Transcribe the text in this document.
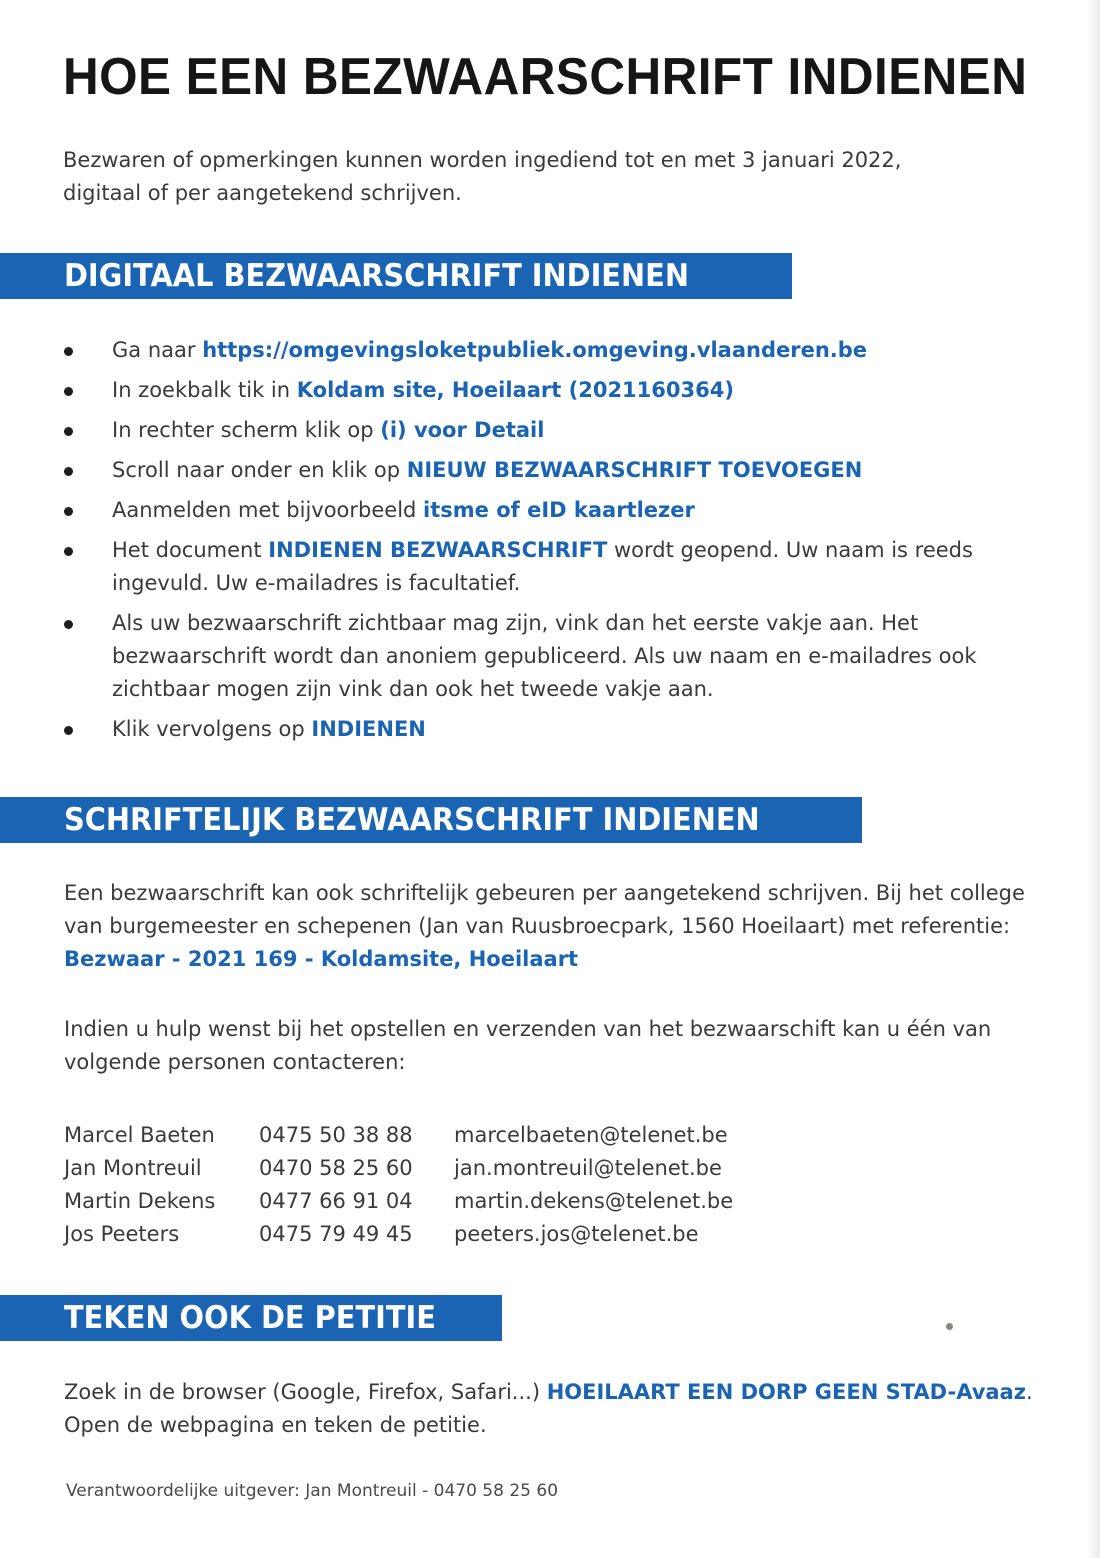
HOE EEN BEZWAARSCHRIFT INDIENEN
Bezwaren of opmerkingen kunnen worden ingediend tot en met 3 januari 2022,
digitaal of per aangetekend schrijven.
DIGITAAL BEZWAARSCHRIFT INDIENEN
Ga naar https://omgevingsloketpubliek.omgeving.vlaanderen.be
In zoekbalk tik in Koldam site, Hoeilaart (2021160364)
In rechter scherm klik op (i) voor Detail
Scroll naar onder en klik op NIEUW BEZWAARSCHRIFT TOEVOEGEN
Aanmelden met bijvoorbeeld itsme of eID kaartlezer
Het document INDIENEN BEZWAARSCHRIFT wordt geopend. Uw naam is reeds ingevuld. Uw e-mailadres is facultatief.
Als uw bezwaarschrift zichtbaar mag zijn, vink dan het eerste vakje aan. Het bezwaarschrift wordt dan anoniem gepubliceerd. Als uw naam en e-mailadres ook zichtbaar mogen zijn vink dan ook het tweede vakje aan.
Klik vervolgens op INDIENEN
SCHRIFTELIJK BEZWAARSCHRIFT INDIENEN

Een bezwaarschrift kan ook schriftelijk gebeuren per aangetekend schrijven. Bij het college van burgemeester en schepenen (Jan van Ruusbroecpark, 1560 Hoeilaart) met referentie: Bezwaar - 2021 169 - Koldamsite, Hoeilaart

Indien u hulp wenst bij het opstellen en verzenden van het bezwaarschift kan u één van volgende personen contacteren:

Marcel Baeten	0475 50 38 88	marcelbaeten@telenet.be
Jan Montreuil	0470 58 25 60	jan.montreuil@telenet.be
Martin Dekens	0477 66 91 04	martin.dekens@telenet.be
Jos Peeters	0475 79 49 45	peeters.jos@telenet.be
TEKEN OOK DE PETITIE

Zoek in de browser (Google, Firefox, Safari...) HOEILAART EEN DORP GEEN STAD-Avaaz. Open de webpagina en teken de petitie.

Verantwoordelijke uitgever: Jan Montreuil - 0470 58 25 60
